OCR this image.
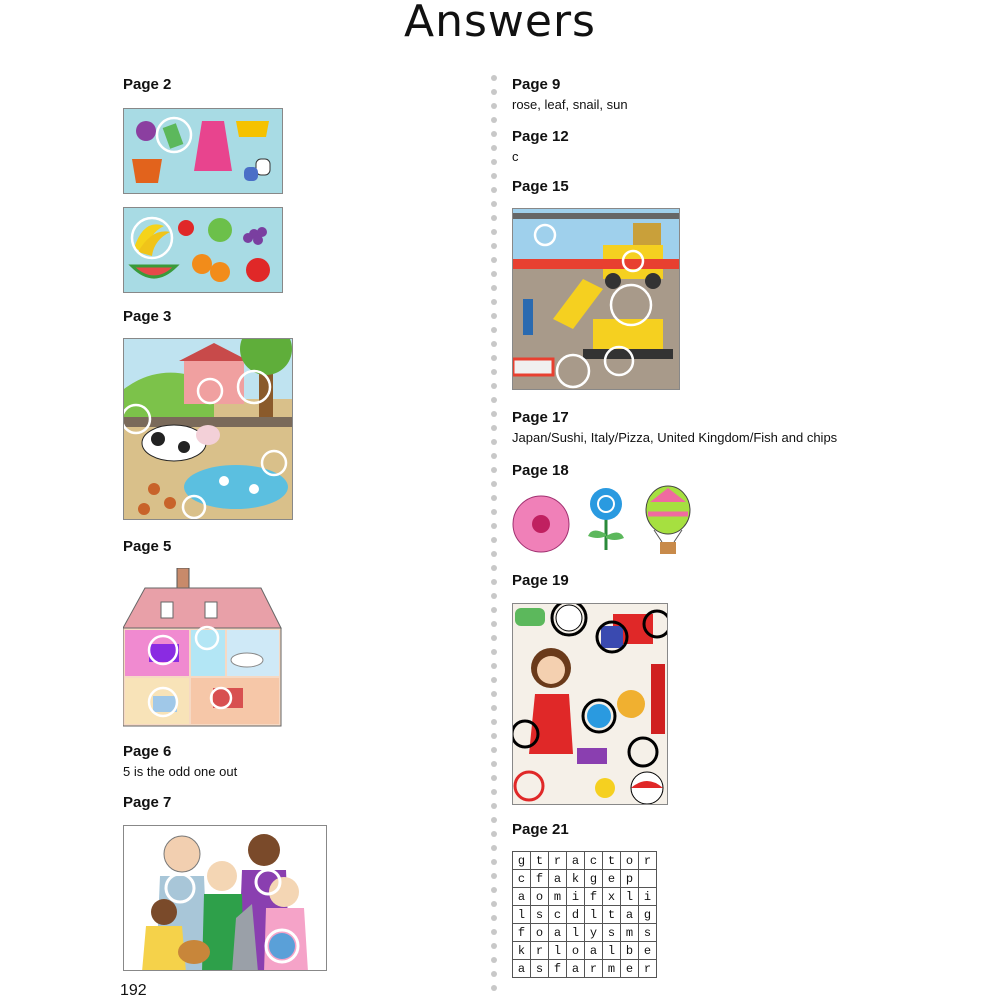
Answers
Page 2
Page 3
Page 5
Page 6
5 is the odd one out
Page 7
192
Page 9
rose, leaf, snail, sun
Page 12
c
Page 15
Page 17
Japan/Sushi, Italy/Pizza, United Kingdom/Fish and chips
Page 18
Page 19
Page 21
g	t	r	a	c	t	o	r
c	f	a	k	g	e	p	
a	o	m	i	f	x	l	i
l	s	c	d	l	t	a	g
f	o	a	l	y	s	m	s
k	r	l	o	a	l	b	e
a	s	f	a	r	m	e	r
